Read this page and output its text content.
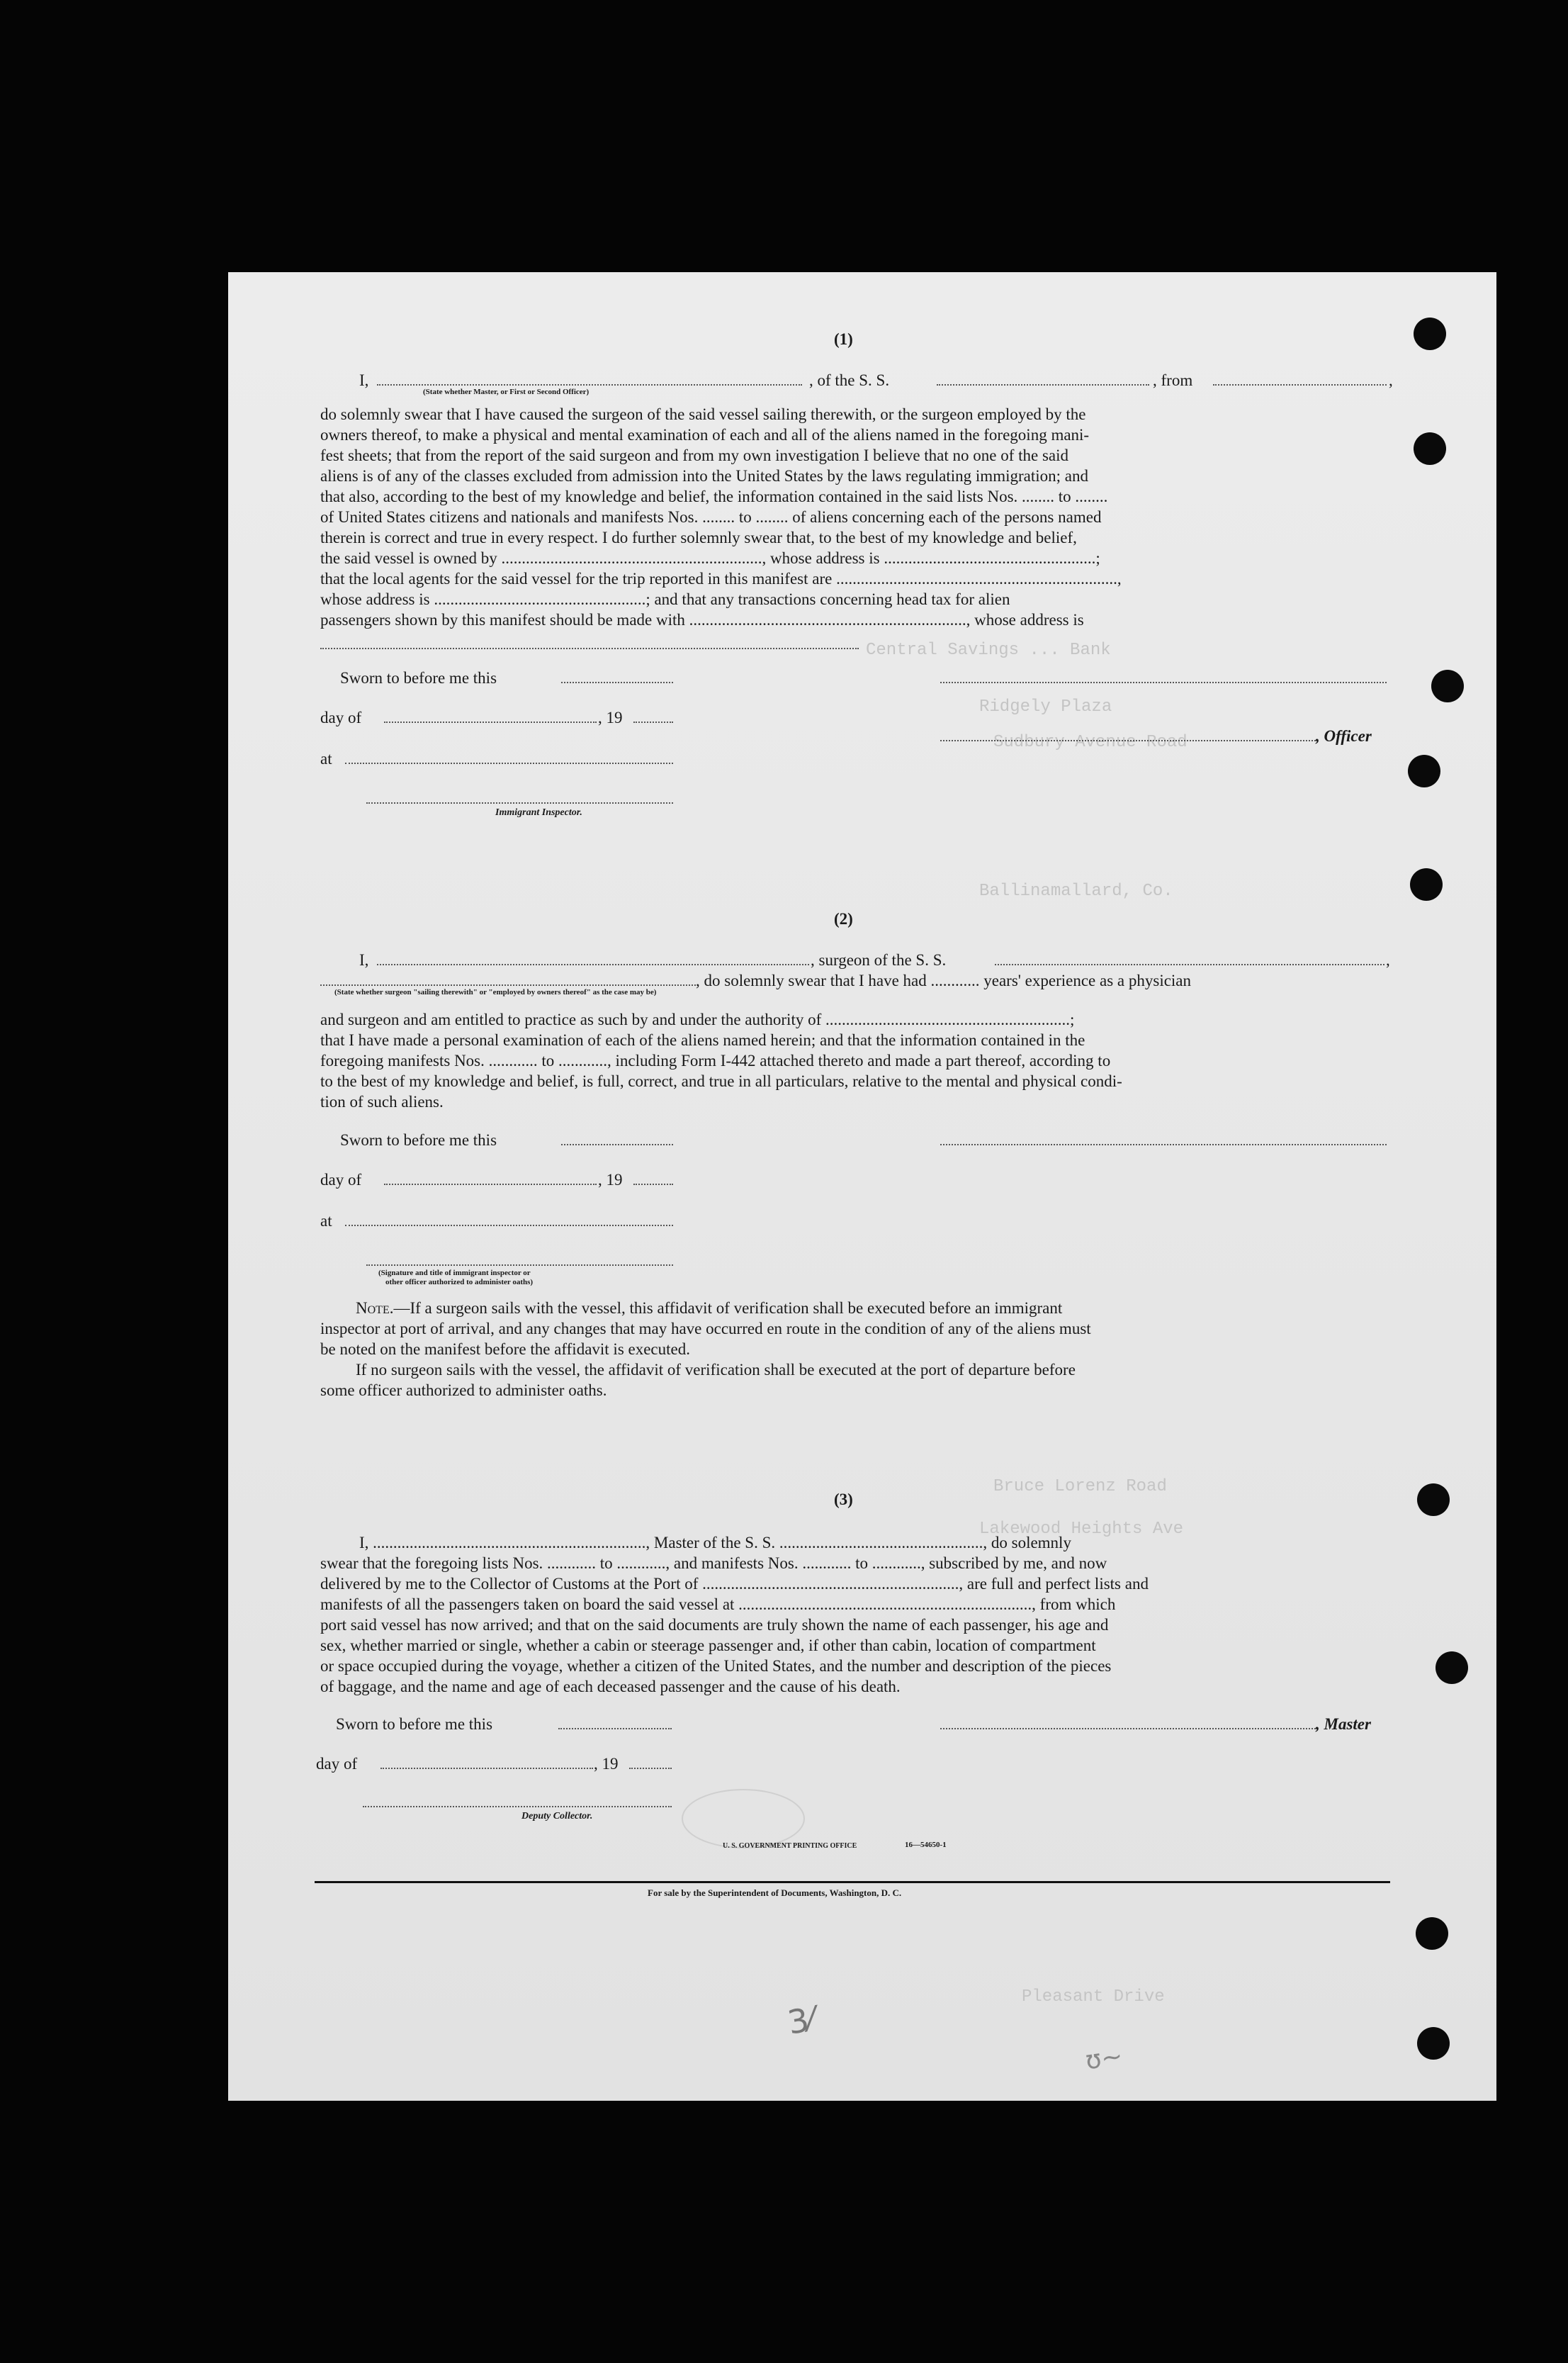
Central Savings ... Bank
Ridgely Plaza
Sudbury Avenue Road
Ballinamallard, Co.
Bruce Lorenz Road
Lakewood Heights Ave
Pleasant Drive
(1)
I,	, of the S. S.	, from	,
(State whether Master, or First or Second Officer)
do solemnly swear that I have caused the surgeon of the said vessel sailing therewith, or the surgeon employed by the
owners thereof, to make a physical and mental examination of each and all of the aliens named in the foregoing mani-
fest sheets; that from the report of the said surgeon and from my own investigation I believe that no one of the said
aliens is of any of the classes excluded from admission into the United States by the laws regulating immigration; and
that also, according to the best of my knowledge and belief, the information contained in the said lists Nos. ........ to ........
of United States citizens and nationals and manifests Nos. ........ to ........ of aliens concerning each of the persons named
therein is correct and true in every respect. I do further solemnly swear that, to the best of my knowledge and belief,
the said vessel is owned by ................................................................, whose address is ....................................................;
that the local agents for the said vessel for the trip reported in this manifest are .....................................................................,
whose address is ....................................................; and that any transactions concerning head tax for alien
passengers shown by this manifest should be made with ...................................................................., whose address is
Sworn to before me this
day of	, 19
, Officer
at
Immigrant Inspector.
(2)
I,	, surgeon of the S. S.	,
, do solemnly swear that I have had ............ years' experience as a physician
(State whether surgeon "sailing therewith" or "employed by owners thereof" as the case may be)
and surgeon and am entitled to practice as such by and under the authority of ............................................................;
that I have made a personal examination of each of the aliens named herein; and that the information contained in the
foregoing manifests Nos. ............ to ............, including Form I-442 attached thereto and made a part thereof, according to
to the best of my knowledge and belief, is full, correct, and true in all particulars, relative to the mental and physical condi-
tion of such aliens.
Sworn to before me this
day of	, 19
at
(Signature and title of immigrant inspector or
other officer authorized to administer oaths)
Note.—If a surgeon sails with the vessel, this affidavit of verification shall be executed before an immigrant
inspector at port of arrival, and any changes that may have occurred en route in the condition of any of the aliens must
be noted on the manifest before the affidavit is executed.
If no surgeon sails with the vessel, the affidavit of verification shall be executed at the port of departure before
some officer authorized to administer oaths.
(3)
I, ..................................................................., Master of the S. S. .................................................., do solemnly
swear that the foregoing lists Nos. ............ to ............, and manifests Nos. ............ to ............, subscribed by me, and now
delivered by me to the Collector of Customs at the Port of ..............................................................., are full and perfect lists and
manifests of all the passengers taken on board the said vessel at ........................................................................, from which
port said vessel has now arrived; and that on the said documents are truly shown the name of each passenger, his age and
sex, whether married or single, whether a cabin or steerage passenger and, if other than cabin, location of compartment
or space occupied during the voyage, whether a citizen of the United States, and the number and description of the pieces
of baggage, and the name and age of each deceased passenger and the cause of his death.
Sworn to before me this	, Master
day of	, 19
Deputy Collector.
U. S. GOVERNMENT PRINTING OFFICE	16—54650-1
For sale by the Superintendent of Documents, Washington, D. C.
3⁄
ʊ~
